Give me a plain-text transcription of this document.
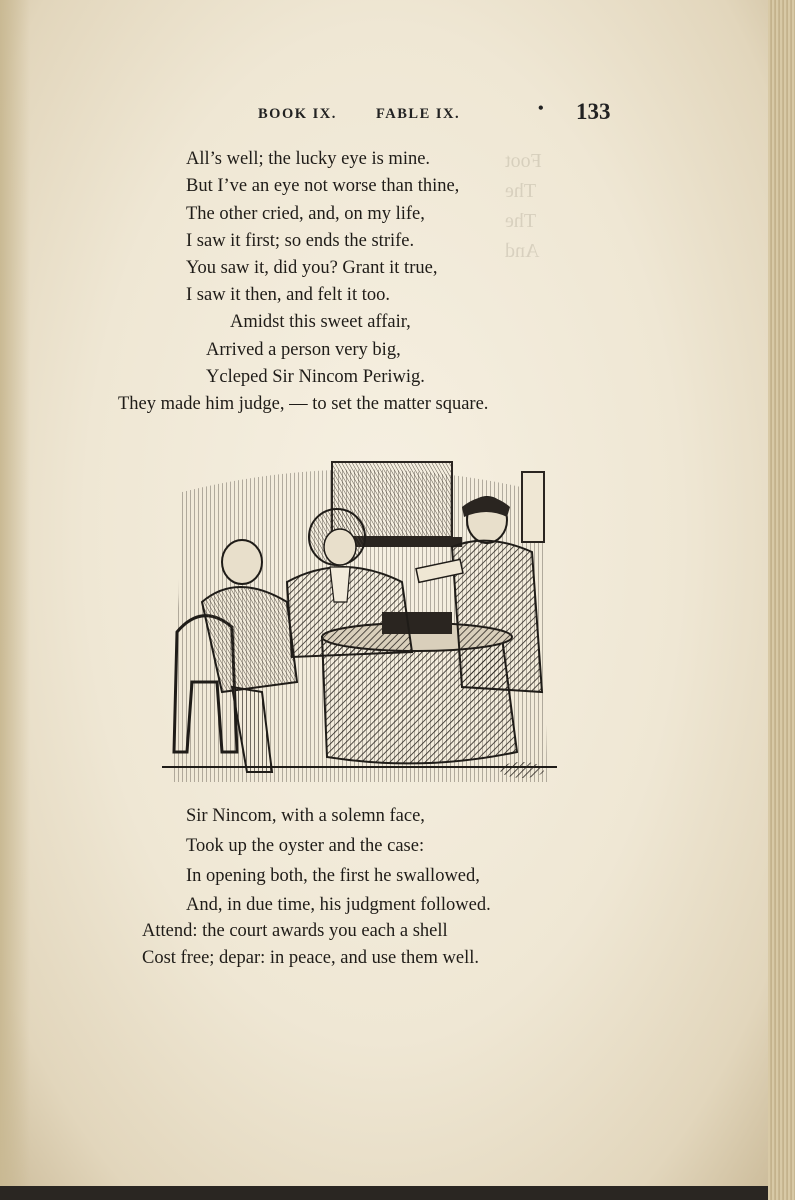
Foot
The
The
And
BOOK IX.	FABLE IX.	• 133
All’s well; the lucky eye is mine.
But I’ve an eye not worse than thine,
The other cried, and, on my life,
I saw it first; so ends the strife.
You saw it, did you? Grant it true,
I saw it then, and felt it too.
Amidst this sweet affair,
Arrived a person very big,
Ycleped Sir Nincom Periwig.
They made him judge, — to set the matter square.
Sir Nincom, with a solemn face,
Took up the oyster and the case:
In opening both, the first he swallowed,
And, in due time, his judgment followed.
Attend: the court awards you each a shell
Cost free; depar: in peace, and use them well.
